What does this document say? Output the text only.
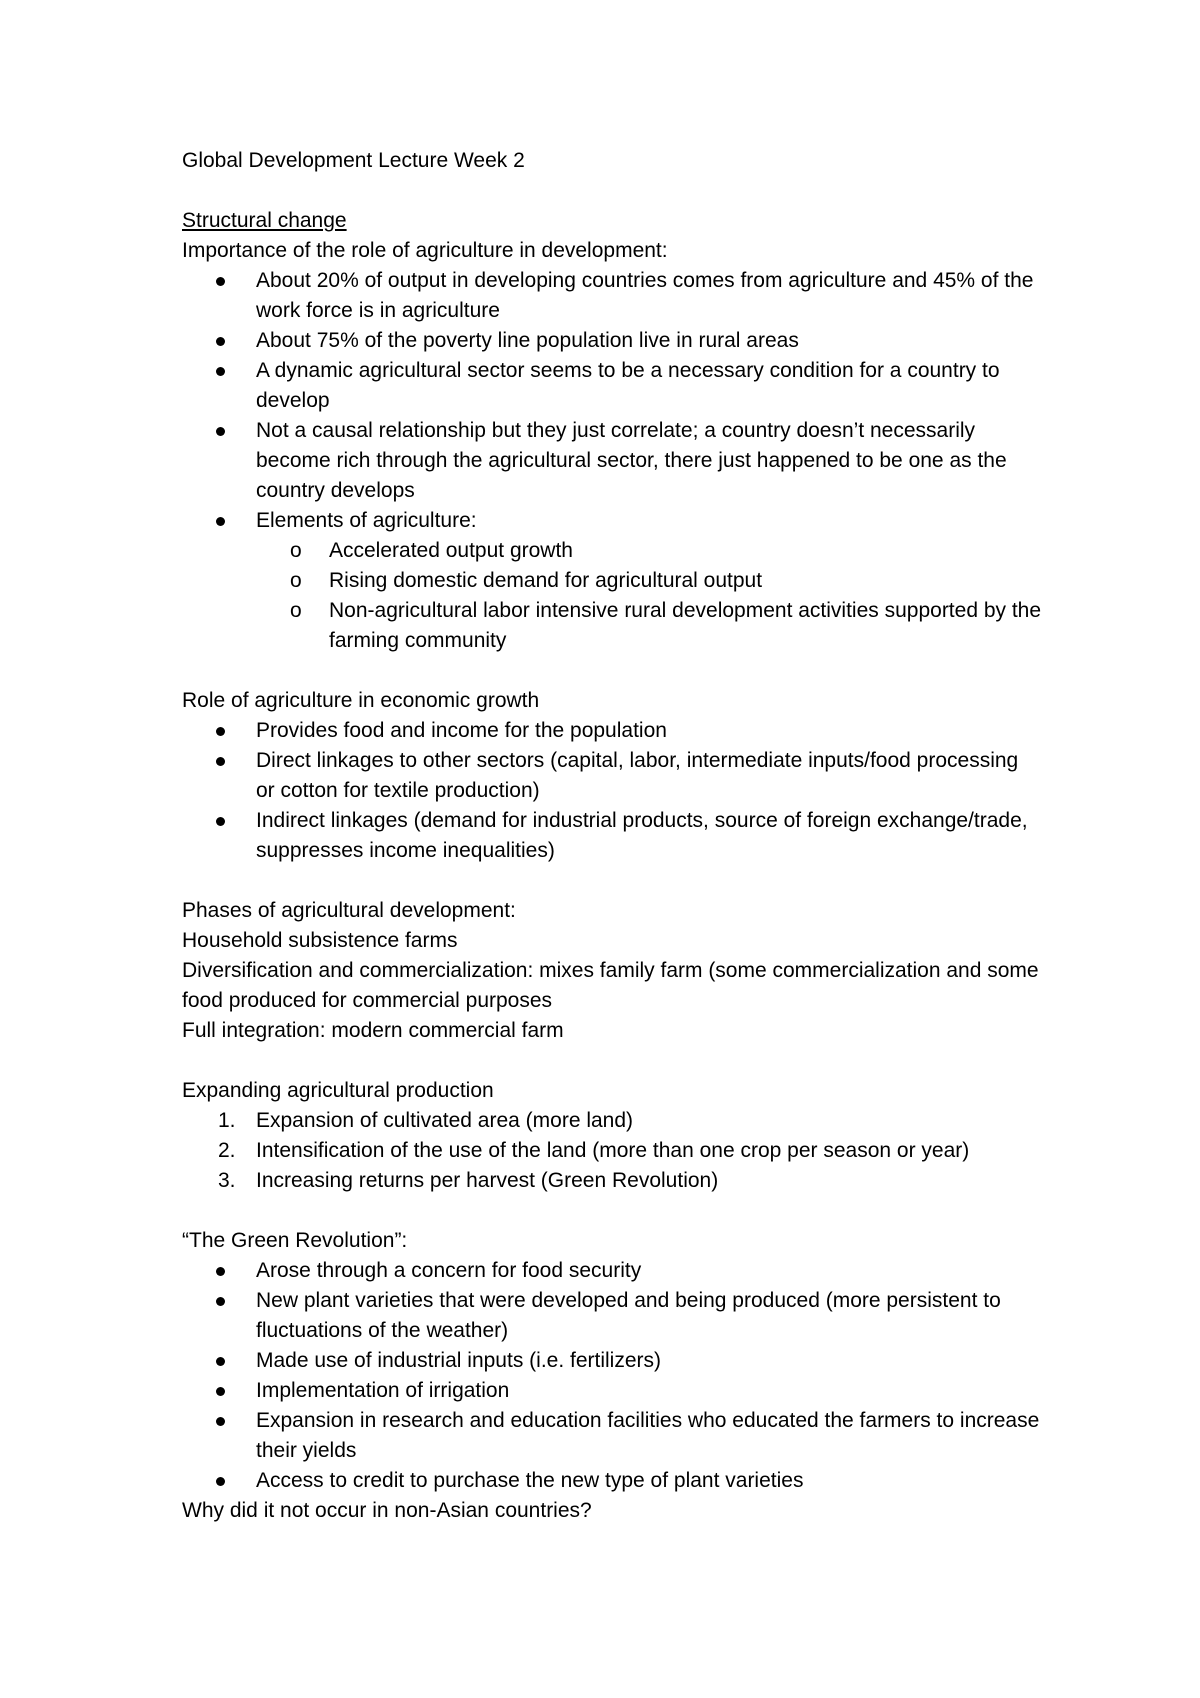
Global Development Lecture Week 2

Structural change

Importance of the role of agriculture in development:

About 20% of output in developing countries comes from agriculture and 45% of the work force is in agriculture
About 75% of the poverty line population live in rural areas
A dynamic agricultural sector seems to be a necessary condition for a country to develop
Not a causal relationship but they just correlate; a country doesn’t necessarily become rich through the agricultural sector, there just happened to be one as the country develops
Elements of agriculture:
o Accelerated output growth
o Rising domestic demand for agricultural output
o Non-agricultural labor intensive rural development activities supported by the farming community

Role of agriculture in economic growth

Provides food and income for the population
Direct linkages to other sectors (capital, labor, intermediate inputs/food processing or cotton for textile production)
Indirect linkages (demand for industrial products, source of foreign exchange/trade, suppresses income inequalities)

Phases of agricultural development:

Household subsistence farms

Diversification and commercialization: mixes family farm (some commercialization and some food produced for commercial purposes

Full integration: modern commercial farm

Expanding agricultural production

1. Expansion of cultivated area (more land)
2. Intensification of the use of the land (more than one crop per season or year)
3. Increasing returns per harvest (Green Revolution)

“The Green Revolution”:

Arose through a concern for food security
New plant varieties that were developed and being produced (more persistent to fluctuations of the weather)
Made use of industrial inputs (i.e. fertilizers)
Implementation of irrigation
Expansion in research and education facilities who educated the farmers to increase their yields
Access to credit to purchase the new type of plant varieties

Why did it not occur in non-Asian countries?
